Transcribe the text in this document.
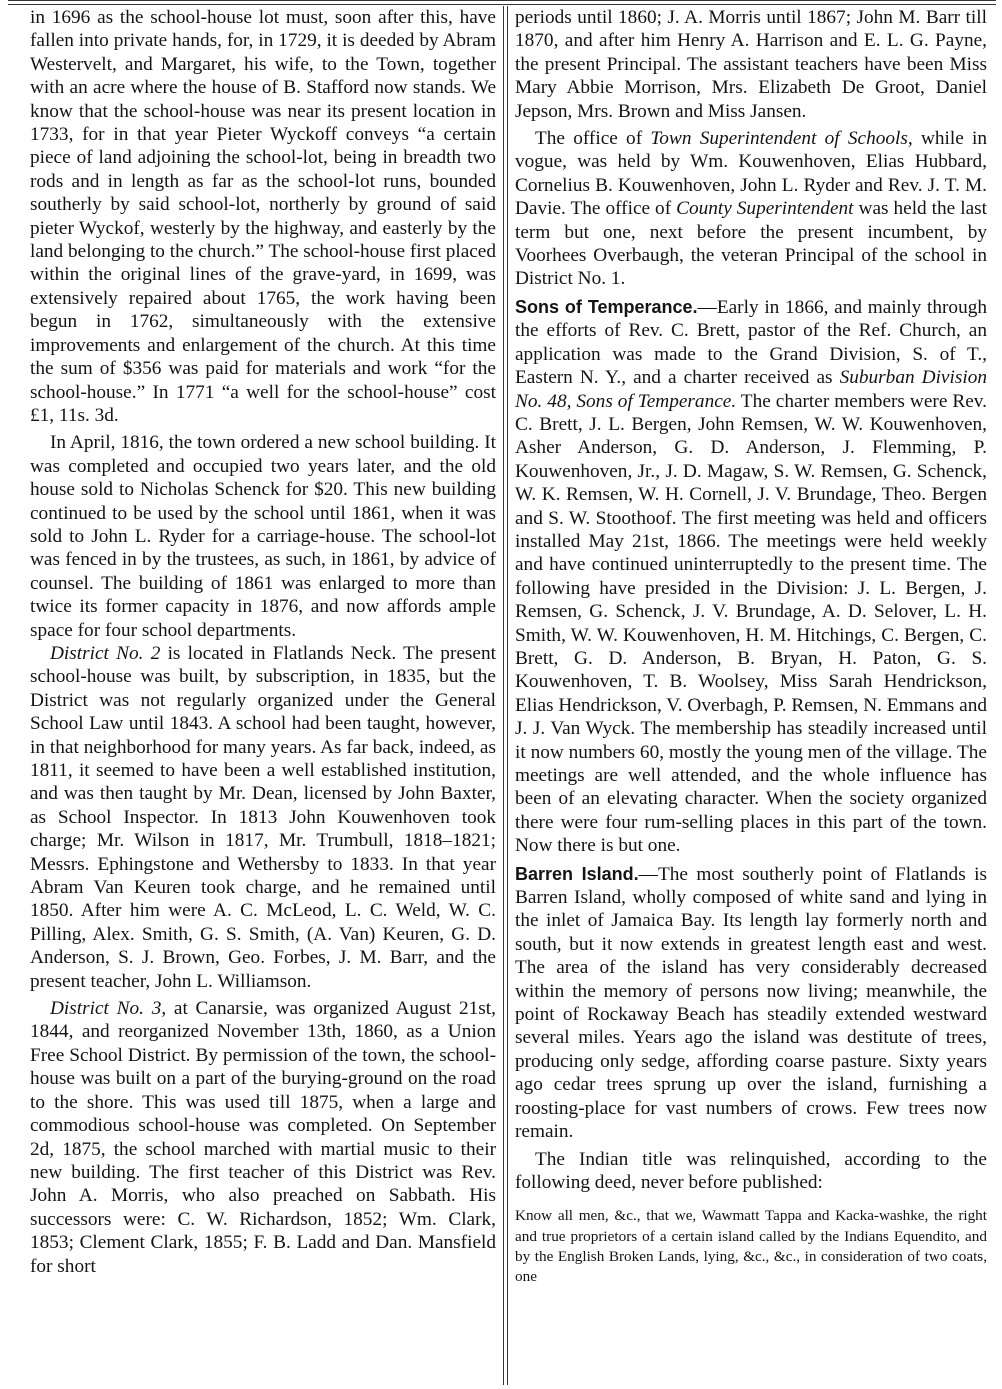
in 1696 as the school-house lot must, soon after this, have fallen into private hands, for, in 1729, it is deeded by Abram Westervelt, and Margaret, his wife, to the Town, together with an acre where the house of B. Stafford now stands. We know that the school-house was near its present location in 1733, for in that year Pieter Wyckoff conveys “a certain piece of land adjoining the school-lot, being in breadth two rods and in length as far as the school-lot runs, bounded southerly by said school-lot, northerly by ground of said pieter Wyckof, westerly by the highway, and easterly by the land belonging to the church.” The school-house first placed within the original lines of the grave-yard, in 1699, was extensively repaired about 1765, the work having been begun in 1762, simultaneously with the extensive improvements and enlargement of the church. At this time the sum of $356 was paid for materials and work “for the school-house.” In 1771 “a well for the school-house” cost £1, 11s. 3d.

In April, 1816, the town ordered a new school building. It was completed and occupied two years later, and the old house sold to Nicholas Schenck for $20. This new building continued to be used by the school until 1861, when it was sold to John L. Ryder for a carriage-house. The school-lot was fenced in by the trustees, as such, in 1861, by advice of counsel. The building of 1861 was enlarged to more than twice its former capacity in 1876, and now affords ample space for four school departments.

District No. 2 is located in Flatlands Neck. The present school-house was built, by subscription, in 1835, but the District was not regularly organized under the General School Law until 1843. A school had been taught, however, in that neighborhood for many years. As far back, indeed, as 1811, it seemed to have been a well established institution, and was then taught by Mr. Dean, licensed by John Baxter, as School Inspector. In 1813 John Kouwenhoven took charge; Mr. Wilson in 1817, Mr. Trumbull, 1818–1821; Messrs. Ephingstone and Wethersby to 1833. In that year Abram Van Keuren took charge, and he remained until 1850. After him were A. C. McLeod, L. C. Weld, W. C. Pilling, Alex. Smith, G. S. Smith, (A. Van) Keuren, G. D. Anderson, S. J. Brown, Geo. Forbes, J. M. Barr, and the present teacher, John L. Williamson.

District No. 3, at Canarsie, was organized August 21st, 1844, and reorganized November 13th, 1860, as a Union Free School District. By permission of the town, the school-house was built on a part of the burying-ground on the road to the shore. This was used till 1875, when a large and commodious school-house was completed. On September 2d, 1875, the school marched with martial music to their new building. The first teacher of this District was Rev. John A. Morris, who also preached on Sabbath. His successors were: C. W. Richardson, 1852; Wm. Clark, 1853; Clement Clark, 1855; F. B. Ladd and Dan. Mansfield for short

periods until 1860; J. A. Morris until 1867; John M. Barr till 1870, and after him Henry A. Harrison and E. L. G. Payne, the present Principal. The assistant teachers have been Miss Mary Abbie Morrison, Mrs. Elizabeth De Groot, Daniel Jepson, Mrs. Brown and Miss Jansen.

The office of Town Superintendent of Schools, while in vogue, was held by Wm. Kouwenhoven, Elias Hubbard, Cornelius B. Kouwenhoven, John L. Ryder and Rev. J. T. M. Davie. The office of County Superintendent was held the last term but one, next before the present incumbent, by Voorhees Overbaugh, the veteran Principal of the school in District No. 1.

Sons of Temperance.—Early in 1866, and mainly through the efforts of Rev. C. Brett, pastor of the Ref. Church, an application was made to the Grand Division, S. of T., Eastern N. Y., and a charter received as Suburban Division No. 48, Sons of Temperance. The charter members were Rev. C. Brett, J. L. Bergen, John Remsen, W. W. Kouwenhoven, Asher Anderson, G. D. Anderson, J. Flemming, P. Kouwenhoven, Jr., J. D. Magaw, S. W. Remsen, G. Schenck, W. K. Remsen, W. H. Cornell, J. V. Brundage, Theo. Bergen and S. W. Stoothoof. The first meeting was held and officers installed May 21st, 1866. The meetings were held weekly and have continued uninterruptedly to the present time. The following have presided in the Division: J. L. Bergen, J. Remsen, G. Schenck, J. V. Brundage, A. D. Selover, L. H. Smith, W. W. Kouwenhoven, H. M. Hitchings, C. Bergen, C. Brett, G. D. Anderson, B. Bryan, H. Paton, G. S. Kouwenhoven, T. B. Woolsey, Miss Sarah Hendrickson, Elias Hendrickson, V. Overbagh, P. Remsen, N. Emmans and J. J. Van Wyck. The membership has steadily increased until it now numbers 60, mostly the young men of the village. The meetings are well attended, and the whole influence has been of an elevating character. When the society organized there were four rum-selling places in this part of the town. Now there is but one.

Barren Island.—The most southerly point of Flatlands is Barren Island, wholly composed of white sand and lying in the inlet of Jamaica Bay. Its length lay formerly north and south, but it now extends in greatest length east and west. The area of the island has very considerably decreased within the memory of persons now living; meanwhile, the point of Rockaway Beach has steadily extended westward several miles. Years ago the island was destitute of trees, producing only sedge, affording coarse pasture. Sixty years ago cedar trees sprung up over the island, furnishing a roosting-place for vast numbers of crows. Few trees now remain.

The Indian title was relinquished, according to the following deed, never before published:

Know all men, &c., that we, Wawmatt Tappa and Kacka-washke, the right and true proprietors of a certain island called by the Indians Equendito, and by the English Broken Lands, lying, &c., &c., in consideration of two coats, one
